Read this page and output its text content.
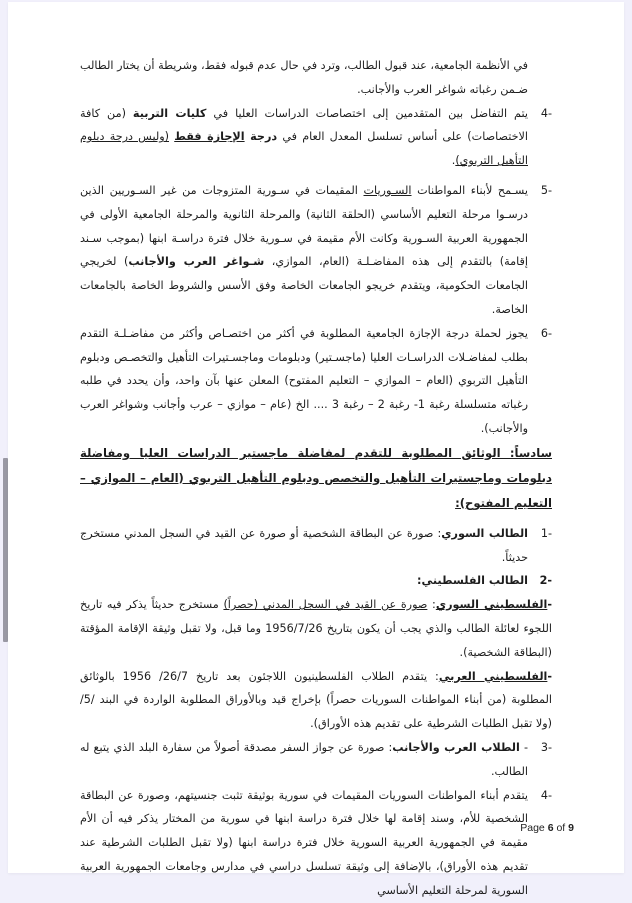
في الأنظمة الجامعية، عند قبول الطالب، وترد في حال عدم قبوله فقط، وشريطة أن يختار الطالب ضـمن رغباته شواغر العرب والأجانب.

4-
يتم التفاضل بين المتقدمين إلى اختصاصات الدراسات العليا في كليات التربية (من كافة الاختصاصات) على أساس تسلسل المعدل العام في درجة الإجازة فقط (وليس درجة دبلوم التأهيل التربوي).

5-
يسـمح لأبناء المواطنات السـوريات المقيمات في سـورية المتزوجات من غير السـوريين الذين درسـوا مرحلة التعليم الأساسي (الحلقة الثانية) والمرحلة الثانوية والمرحلة الجامعية الأولى في الجمهورية العربية السـورية وكانت الأم مقيمة في سـورية خلال فترة دراسـة ابنها (بموجب سـند إقامة) بالتقدم إلى هذه المفاضـلـة (العام، الموازي، شـواغر العرب والأجانب) لخريجي الجامعات الحكومية، ويتقدم خريجو الجامعات الخاصة وفق الأسس والشروط الخاصة بالجامعات الخاصة.

6-
يجوز لحملة درجة الإجازة الجامعية المطلوبة في أكثر من اختصـاص وأكثر من مفاضـلـة التقدم بطلب لمفاضـلات الدراسـات العليا (ماجسـتير) ودبلومات وماجسـتيرات التأهيل والتخصـص ودبلوم التأهيل التربوي (العام – الموازي – التعليم المفتوح) المعلن عنها بآن واحد، وأن يحدد في طلبه رغباته متسلسلة رغبة 1- رغبة 2 – رغبة 3 .... الخ (عام – موازي – عرب وأجانب وشواغر العرب والأجانب).

سادساً: الوثائق المطلوبة للتقدم لمفاضلة ماجستير الدراسات العليا ومفاضلة دبلومات وماجستيرات التأهيل والتخصص ودبلوم التأهيل التربوي (العام – الموازي – التعليم المفتوح):

1-
الطالب السوري: صورة عن البطاقة الشخصية أو صورة عن القيد في السجل المدني مستخرج حديثاً.

2-
الطالب الفلسطيني:

-الفلسطيني السوري: صورة عن القيد في السجل المدني (حصراً) مستخرج حديثاً يذكر فيه تاريخ اللجوء لعائلة الطالب والذي يجب أن يكون بتاريخ 1956/7/26 وما قبل، ولا تقبل وثيقة الإقامة المؤقتة (البطاقة الشخصية).

-الفلسطيني العربي: يتقدم الطلاب الفلسطينيون اللاجئون بعد تاريخ 26/7/ 1956 بالوثائق المطلوبة (من أبناء المواطنات السوريات حصراً) بإخراج قيد وبالأوراق المطلوبة الواردة في البند /5/ (ولا تقبل الطلبات الشرطية على تقديم هذه الأوراق).

3-
- الطلاب العرب والأجانب: صورة عن جواز السفر مصدقة أصولاً من سفارة البلد الذي يتبع له الطالب.

4-
يتقدم أبناء المواطنات السوريات المقيمات في سورية بوثيقة تثبت جنسيتهم، وصورة عن البطاقة الشخصية للأم، وسند إقامة لها خلال فترة دراسة ابنها في سورية من المختار يذكر فيه أن الأم مقيمة في الجمهورية العربية السورية خلال فترة دراسة ابنها (ولا تقبل الطلبات الشرطية عند تقديم هذه الأوراق)، بالإضافة إلى وثيقة تسلسل دراسي في مدارس وجامعات الجمهورية العربية السورية لمرحلة التعليم الأساسي

Page 6 of 9
